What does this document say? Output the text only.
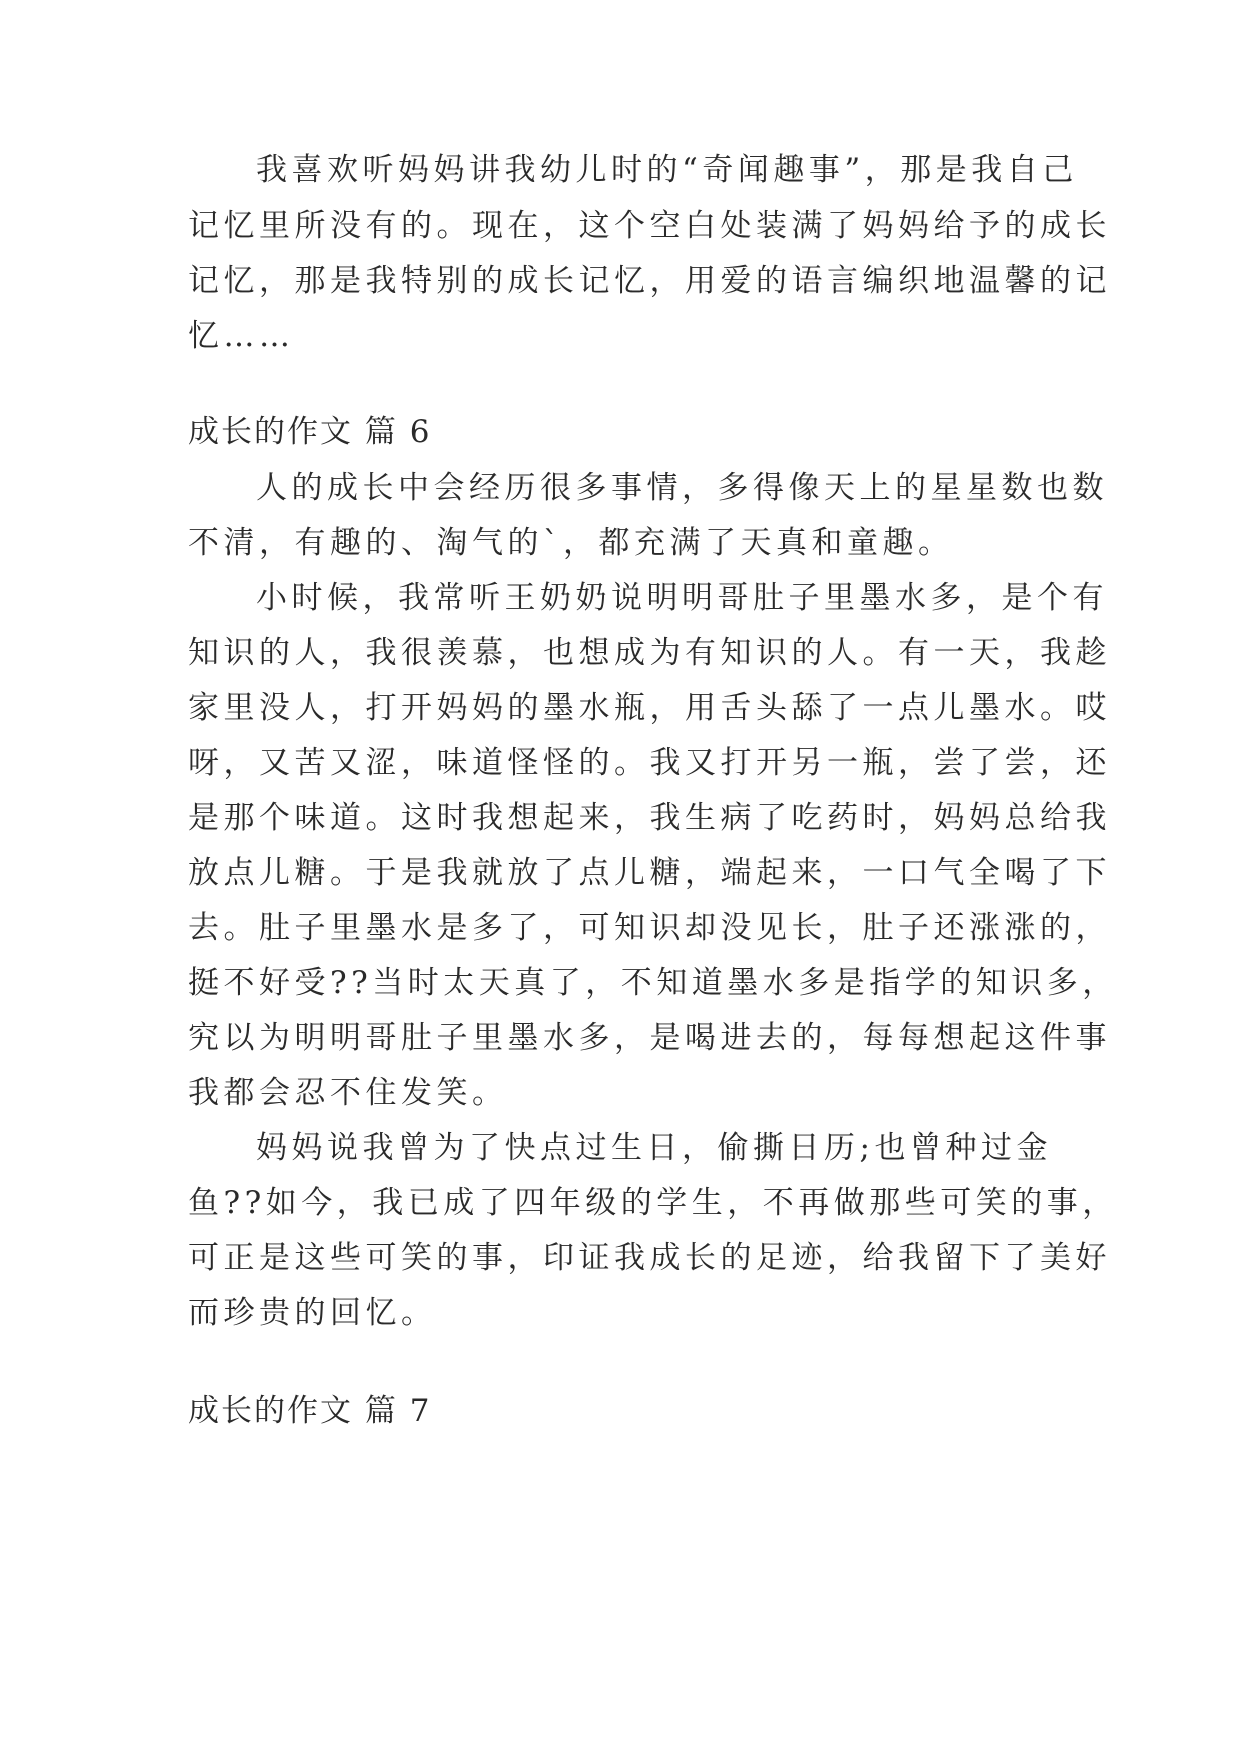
我喜欢听妈妈讲我幼儿时的“奇闻趣事”，那是我自己
记忆里所没有的。现在，这个空白处装满了妈妈给予的成长
记忆，那是我特别的成长记忆，用爱的语言编织地温馨的记
忆……
成长的作文 篇 6
人的成长中会经历很多事情，多得像天上的星星数也数
不清，有趣的、淘气的`，都充满了天真和童趣。
小时候，我常听王奶奶说明明哥肚子里墨水多，是个有
知识的人，我很羡慕，也想成为有知识的人。有一天，我趁
家里没人，打开妈妈的墨水瓶，用舌头舔了一点儿墨水。哎
呀，又苦又涩，味道怪怪的。我又打开另一瓶，尝了尝，还
是那个味道。这时我想起来，我生病了吃药时，妈妈总给我
放点儿糖。于是我就放了点儿糖，端起来，一口气全喝了下
去。肚子里墨水是多了，可知识却没见长，肚子还涨涨的，
挺不好受??当时太天真了，不知道墨水多是指学的知识多，
究以为明明哥肚子里墨水多，是喝进去的，每每想起这件事
我都会忍不住发笑。
妈妈说我曾为了快点过生日，偷撕日历;也曾种过金
鱼??如今，我已成了四年级的学生，不再做那些可笑的事，
可正是这些可笑的事，印证我成长的足迹，给我留下了美好
而珍贵的回忆。
成长的作文 篇 7
